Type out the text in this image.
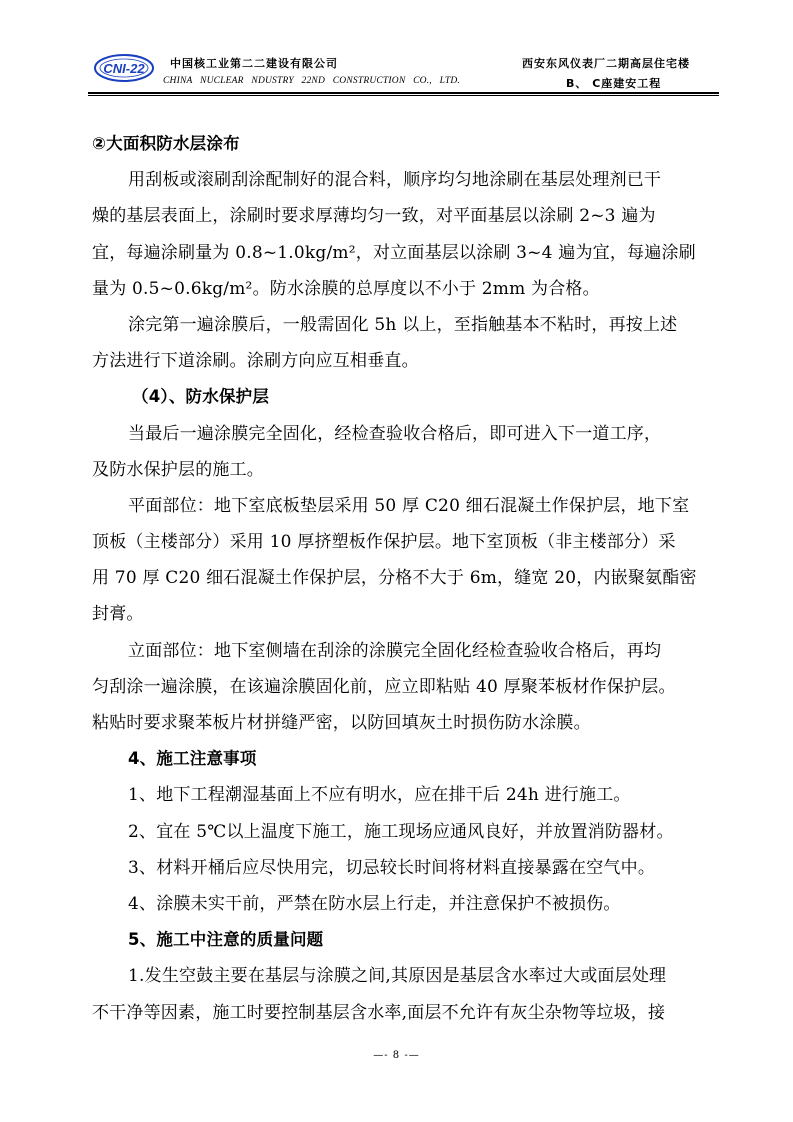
CNI-22 中国核工业第二二建设有限公司
CHINA   NUCLEAR   NDUSTRY   22ND   CONSTRUCTION   CO.,   LTD.
西安东风仪表厂二期高层住宅楼
B、 C座建安工程
②大面积防水层涂布
用刮板或滚刷刮涂配制好的混合料，顺序均匀地涂刷在基层处理剂已干
燥的基层表面上，涂刷时要求厚薄均匀一致，对平面基层以涂刷 2~3 遍为
宜，每遍涂刷量为 0.8~1.0kg/m²，对立面基层以涂刷 3~4 遍为宜，每遍涂刷
量为 0.5~0.6kg/m²。防水涂膜的总厚度以不小于 2mm 为合格。
涂完第一遍涂膜后，一般需固化 5h 以上，至指触基本不粘时，再按上述
方法进行下道涂刷。涂刷方向应互相垂直。
（4）、防水保护层
当最后一遍涂膜完全固化，经检查验收合格后，即可进入下一道工序，
及防水保护层的施工。
平面部位：地下室底板垫层采用 50 厚 C20 细石混凝土作保护层，地下室
顶板（主楼部分）采用 10 厚挤塑板作保护层。地下室顶板（非主楼部分）采
用 70 厚 C20 细石混凝土作保护层，分格不大于 6m，缝宽 20，内嵌聚氨酯密
封膏。
立面部位：地下室侧墙在刮涂的涂膜完全固化经检查验收合格后，再均
匀刮涂一遍涂膜，在该遍涂膜固化前，应立即粘贴 40 厚聚苯板材作保护层。
粘贴时要求聚苯板片材拼缝严密，以防回填灰土时损伤防水涂膜。
4、施工注意事项
1、地下工程潮湿基面上不应有明水，应在排干后 24h 进行施工。
2、宜在 5℃以上温度下施工，施工现场应通风良好，并放置消防器材。
3、材料开桶后应尽快用完，切忌较长时间将材料直接暴露在空气中。
4、涂膜未实干前，严禁在防水层上行走，并注意保护不被损伤。
5、施工中注意的质量问题
1.发生空鼓主要在基层与涂膜之间,其原因是基层含水率过大或面层处理
不干净等因素，施工时要控制基层含水率,面层不允许有灰尘杂物等垃圾，接
—- 8 -—
